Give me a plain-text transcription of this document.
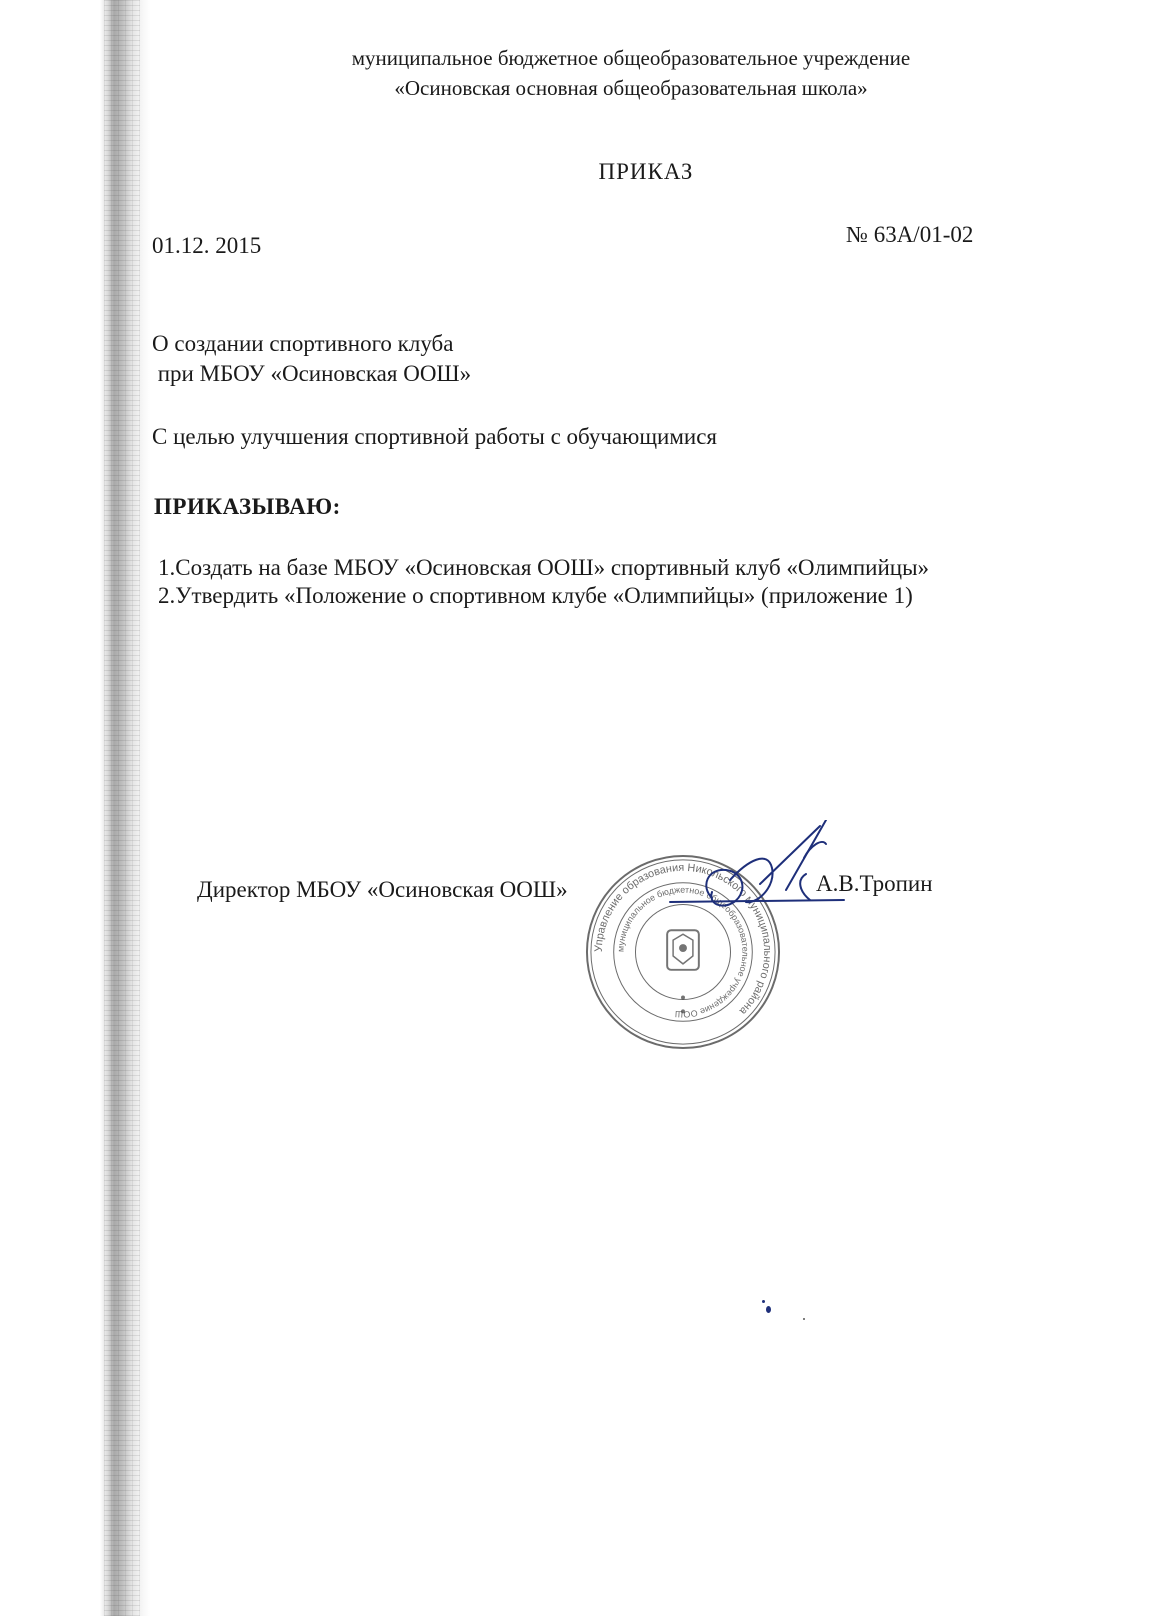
муниципальное бюджетное общеобразовательное учреждение
«Осиновская основная общеобразовательная школа»
ПРИКАЗ
01.12. 2015	№ 63А/01-02
О создании спортивного клуба
при МБОУ «Осиновская ООШ»
С целью улучшения спортивной работы с обучающимися
ПРИКАЗЫВАЮ:
1.Создать на базе МБОУ «Осиновская ООШ» спортивный клуб «Олимпийцы»
2.Утвердить «Положение о спортивном клубе «Олимпийцы» (приложение 1)
Управление образования Никольского муниципального района
муниципальное бюджетное общеобразовательное учреждение ООШ
Директор МБОУ «Осиновская ООШ»	А.В.Тропин
